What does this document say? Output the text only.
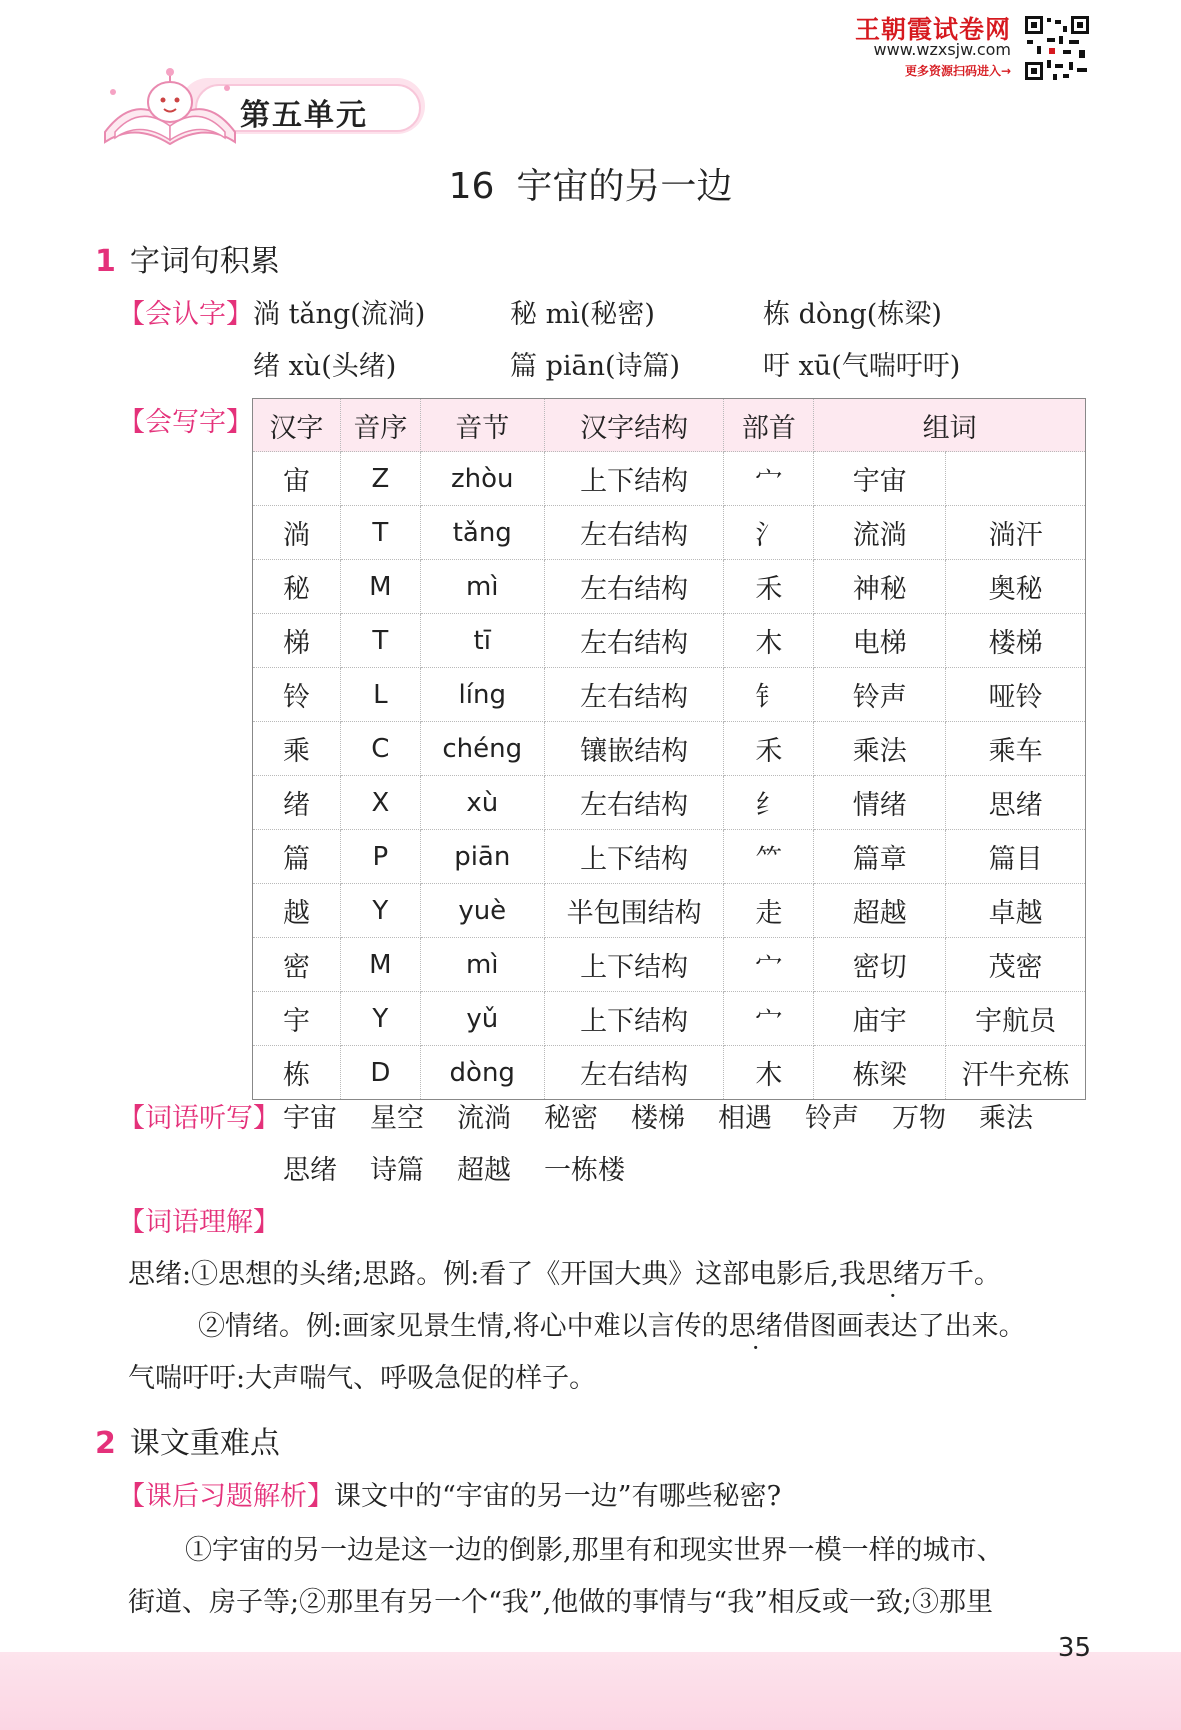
王朝霞试卷网
www.wzxsjw.com
更多资源扫码进入→
第五单元
16 宇宙的另一边
1 字词句积累
【会认字】 淌 tǎng(流淌)	秘 mì(秘密)	栋 dòng(栋梁)
绪 xù(头绪)	篇 piān(诗篇)	吁 xū(气喘吁吁)
【会写字】 汉字	音序	音节	汉字结构	部首	组词	
宙	Z	zhòu	上下结构	宀	宇宙	
淌	T	tǎng	左右结构	氵	流淌	淌汗
秘	M	mì	左右结构	禾	神秘	奥秘
梯	T	tī	左右结构	木	电梯	楼梯
铃	L	líng	左右结构	钅	铃声	哑铃
乘	C	chéng	镶嵌结构	禾	乘法	乘车
绪	X	xù	左右结构	纟	情绪	思绪
篇	P	piān	上下结构	⺮	篇章	篇目
越	Y	yuè	半包围结构	走	超越	卓越
密	M	mì	上下结构	宀	密切	茂密
宇	Y	yǔ	上下结构	宀	庙宇	宇航员
栋	D	dòng	左右结构	木	栋梁	汗牛充栋
【词语听写】 宇宙 星空 流淌 秘密 楼梯 相遇 铃声 万物 乘法
思绪 诗篇 超越 一栋楼
【词语理解】
思绪:①思想的头绪;思路。例:看了《开国大典》这部电影后,我思绪万千。
②情绪。例:画家见景生情,将心中难以言传的思绪借图画表达了出来。
气喘吁吁:大声喘气、呼吸急促的样子。
2 课文重难点
【课后习题解析】课文中的“宇宙的另一边”有哪些秘密?
①宇宙的另一边是这一边的倒影,那里有和现实世界一模一样的城市、
街道、房子等;②那里有另一个“我”,他做的事情与“我”相反或一致;③那里
35
